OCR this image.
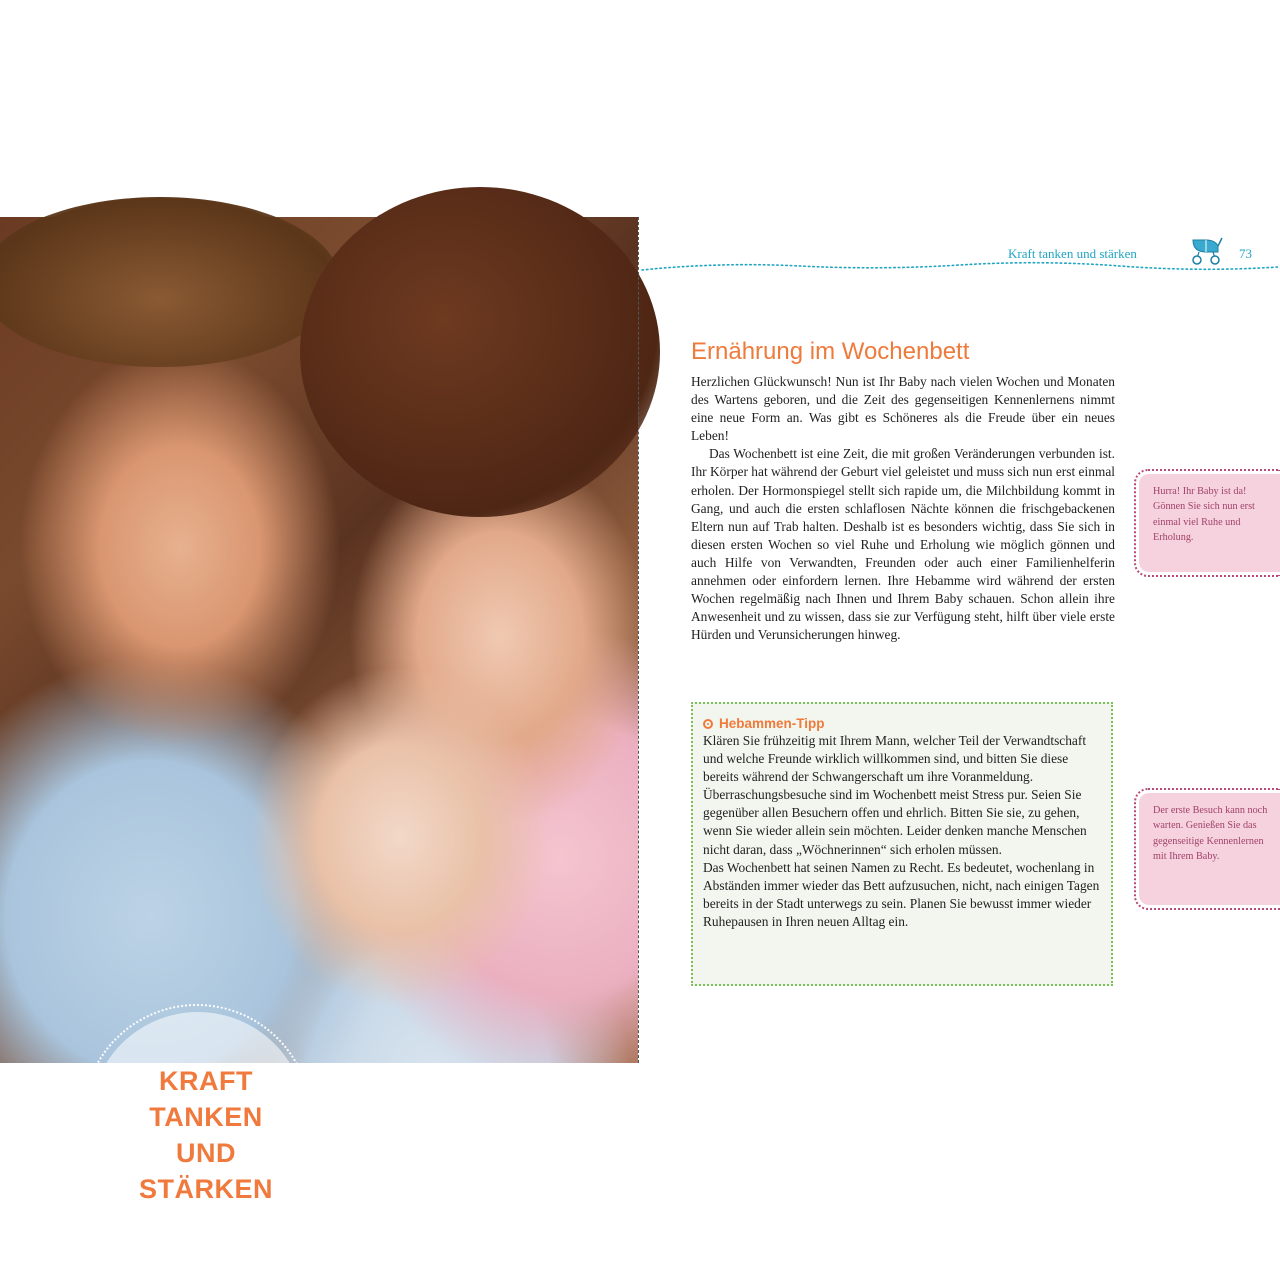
KRAFT
TANKEN
UND
STÄRKEN
Kraft tanken und stärken	73
Ernährung im Wochenbett

Herzlichen Glückwunsch! Nun ist Ihr Baby nach vielen Wochen und Monaten des Wartens geboren, und die Zeit des gegenseitigen Kennenlernens nimmt eine neue Form an. Was gibt es Schöneres als die Freude über ein neues Leben!

Das Wochenbett ist eine Zeit, die mit großen Veränderungen verbunden ist. Ihr Körper hat während der Geburt viel geleistet und muss sich nun erst einmal erholen. Der Hormonspiegel stellt sich rapide um, die Milchbildung kommt in Gang, und auch die ersten schlaflosen Nächte können die frischgebackenen Eltern nun auf Trab halten. Deshalb ist es besonders wichtig, dass Sie sich in diesen ersten Wochen so viel Ruhe und Erholung wie möglich gönnen und auch Hilfe von Verwandten, Freunden oder auch einer Familienhelferin annehmen oder einfordern lernen. Ihre Hebamme wird während der ersten Wochen regelmäßig nach Ihnen und Ihrem Baby schauen. Schon allein ihre Anwesenheit und zu wissen, dass sie zur Verfügung steht, hilft über viele erste Hürden und Verunsicherungen hinweg.

Hebammen-Tipp

Klären Sie frühzeitig mit Ihrem Mann, welcher Teil der Verwandtschaft und welche Freunde wirklich willkommen sind, und bitten Sie diese bereits während der Schwangerschaft um ihre Voranmeldung. Überraschungsbesuche sind im Wochenbett meist Stress pur. Seien Sie gegenüber allen Besuchern offen und ehrlich. Bitten Sie sie, zu gehen, wenn Sie wieder allein sein möchten. Leider denken manche Menschen nicht daran, dass „Wöchnerinnen“ sich erholen müssen.

Das Wochenbett hat seinen Namen zu Recht. Es bedeutet, wochenlang in Abständen immer wieder das Bett aufzusuchen, nicht, nach einigen Tagen bereits in der Stadt unterwegs zu sein. Planen Sie bewusst immer wieder Ruhepausen in Ihren neuen Alltag ein.

Hurra! Ihr Baby ist da! Gönnen Sie sich nun erst einmal viel Ruhe und Erholung.
Der erste Besuch kann noch warten. Genießen Sie das gegenseitige Kennenlernen mit Ihrem Baby.
